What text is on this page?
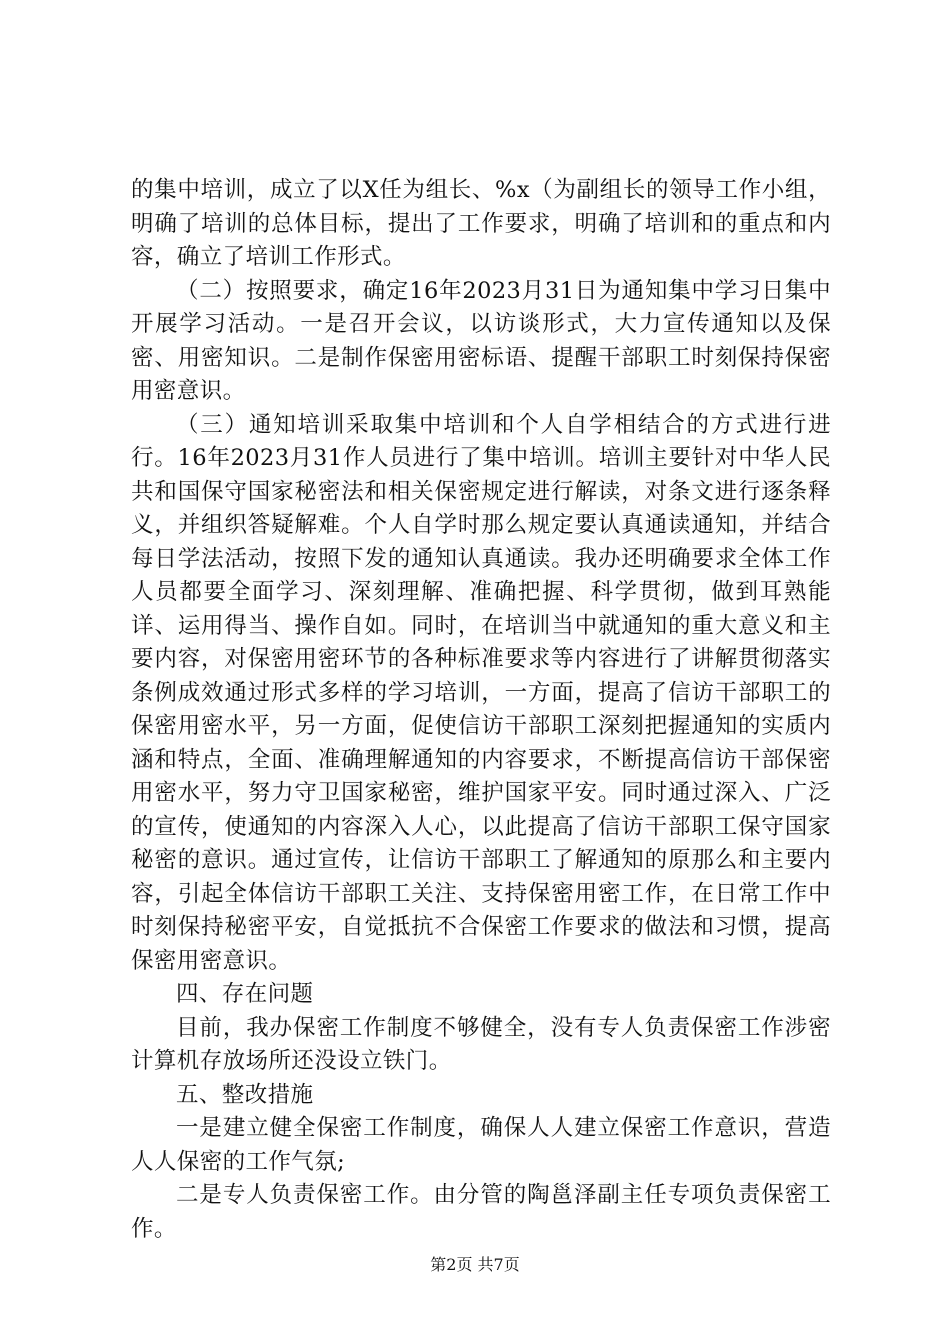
的集中培训，成立了以X任为组长、%x（为副组长的领导工作小组，明确了培训的总体目标，提出了工作要求，明确了培训和的重点和内容，确立了培训工作形式。

（二）按照要求，确定16年2023月31日为通知集中学习日集中开展学习活动。一是召开会议，以访谈形式，大力宣传通知以及保密、用密知识。二是制作保密用密标语、提醒干部职工时刻保持保密用密意识。

（三）通知培训采取集中培训和个人自学相结合的方式进行进行。16年2023月31作人员进行了集中培训。培训主要针对中华人民共和国保守国家秘密法和相关保密规定进行解读，对条文进行逐条释义，并组织答疑解难。个人自学时那么规定要认真通读通知，并结合每日学法活动，按照下发的通知认真通读。我办还明确要求全体工作人员都要全面学习、深刻理解、准确把握、科学贯彻，做到耳熟能详、运用得当、操作自如。同时，在培训当中就通知的重大意义和主要内容，对保密用密环节的各种标准要求等内容进行了讲解贯彻落实条例成效通过形式多样的学习培训，一方面，提高了信访干部职工的保密用密水平，另一方面，促使信访干部职工深刻把握通知的实质内涵和特点，全面、准确理解通知的内容要求，不断提高信访干部保密用密水平，努力守卫国家秘密，维护国家平安。同时通过深入、广泛的宣传，使通知的内容深入人心，以此提高了信访干部职工保守国家秘密的意识。通过宣传，让信访干部职工了解通知的原那么和主要内容，引起全体信访干部职工关注、支持保密用密工作，在日常工作中时刻保持秘密平安，自觉抵抗不合保密工作要求的做法和习惯，提高保密用密意识。

四、存在问题

目前，我办保密工作制度不够健全，没有专人负责保密工作涉密计算机存放场所还没设立铁门。

五、整改措施

一是建立健全保密工作制度，确保人人建立保密工作意识，营造人人保密的工作气氛;

二是专人负责保密工作。由分管的陶邕泽副主任专项负责保密工作。

第2页 共7页
